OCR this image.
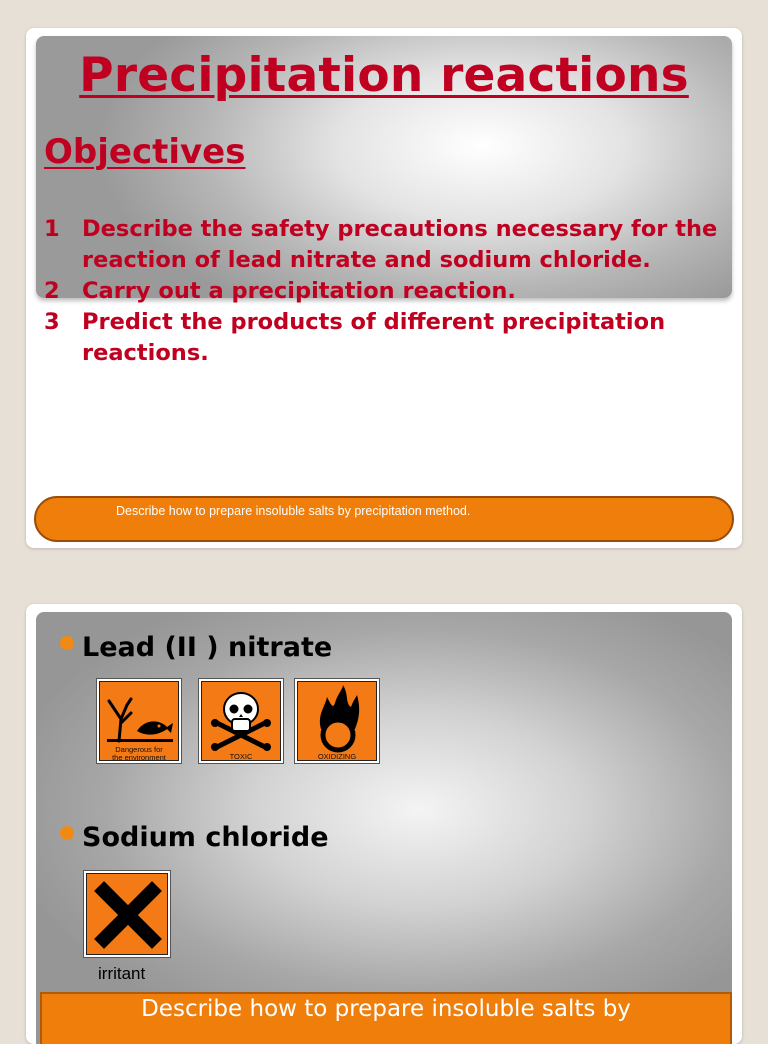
Precipitation reactions
Objectives
1 Describe the safety precautions necessary for the reaction of lead nitrate and sodium chloride.
2 Carry out a precipitation reaction.
3 Predict the products of different precipitation reactions.
Describe how to prepare insoluble salts by precipitation method.
Lead (II ) nitrate
Dangerous for
the environment	TOXIC	OXIDIZING
Sodium chloride
irritant
Describe how to prepare insoluble salts by
